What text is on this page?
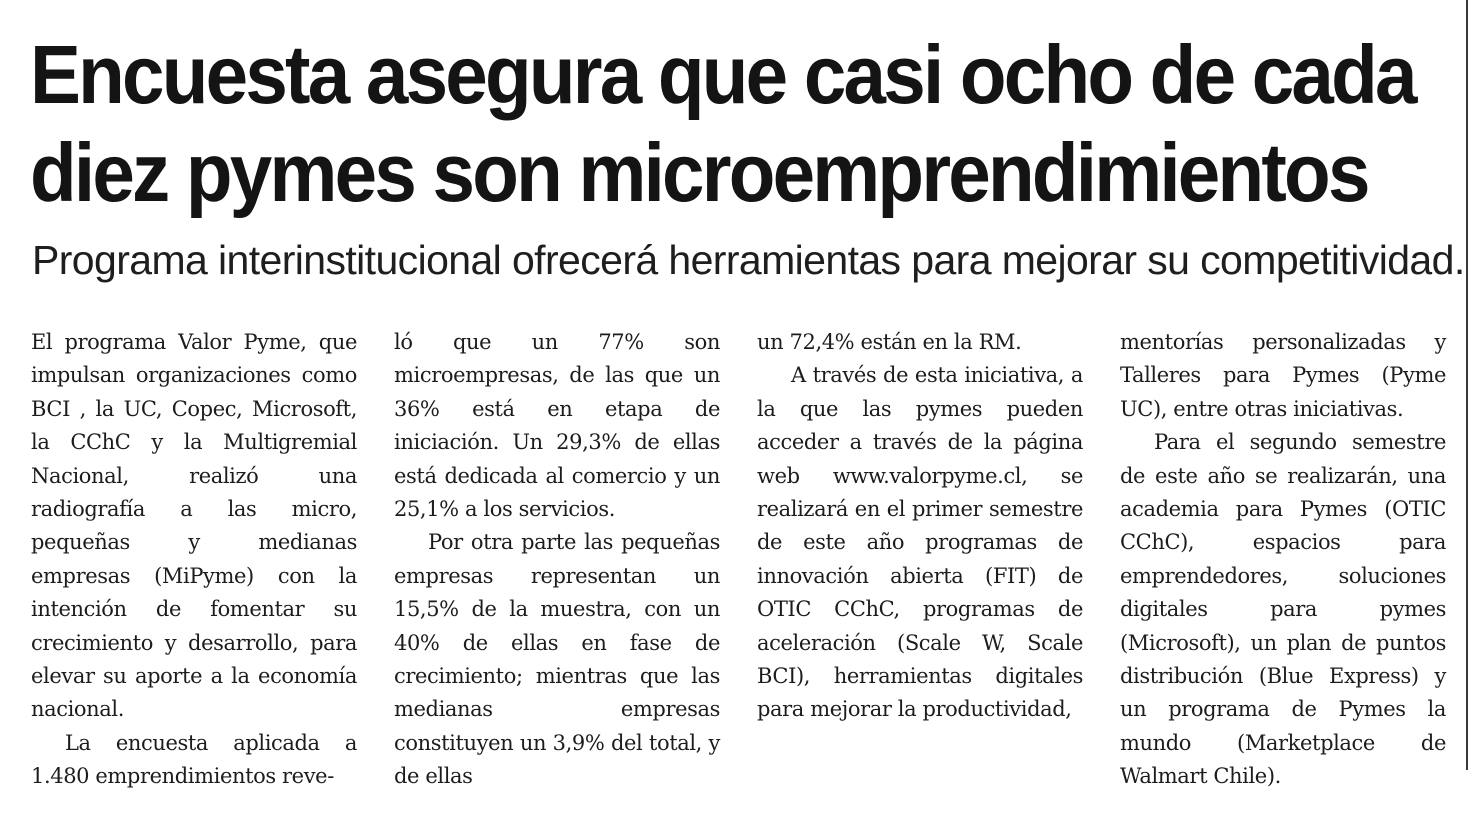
Encuesta asegura que casi ocho de cada
diez pymes son microemprendimientos
Programa interinstitucional ofrecerá herramientas para mejorar su competitividad.

El programa Valor Pyme, que impulsan organizaciones como BCI , la UC, Copec, Microsoft, la CChC y la Multigremial Nacional, realizó una radiografía a las micro, pequeñas y medianas empresas (MiPyme) con la intención de fomentar su crecimiento y desarrollo, para elevar su aporte a la economía nacional.

La encuesta aplicada a 1.480 emprendimientos reve-

ló que un 77% son microempresas, de las que un 36% está en etapa de iniciación. Un 29,3% de ellas está dedicada al comercio y un 25,1% a los servicios.

Por otra parte las pequeñas empresas representan un 15,5% de la muestra, con un 40% de ellas en fase de crecimiento; mientras que las medianas empresas constituyen un 3,9% del total, y de ellas

un 72,4% están en la RM.

A través de esta iniciativa, a la que las pymes pueden acceder a través de la página web www.valorpyme.cl, se realizará en el primer semestre de este año programas de innovación abierta (FIT) de OTIC CChC, programas de aceleración (Scale W, Scale BCI), herramientas digitales para mejorar la productividad,

mentorías personalizadas y Talleres para Pymes (Pyme UC), entre otras iniciativas.

Para el segundo semestre de este año se realizarán, una academia para Pymes (OTIC CChC), espacios para emprendedores, soluciones digitales para pymes (Microsoft), un plan de puntos distribución (Blue Express) y un programa de Pymes la mundo (Marketplace de Walmart Chile).
